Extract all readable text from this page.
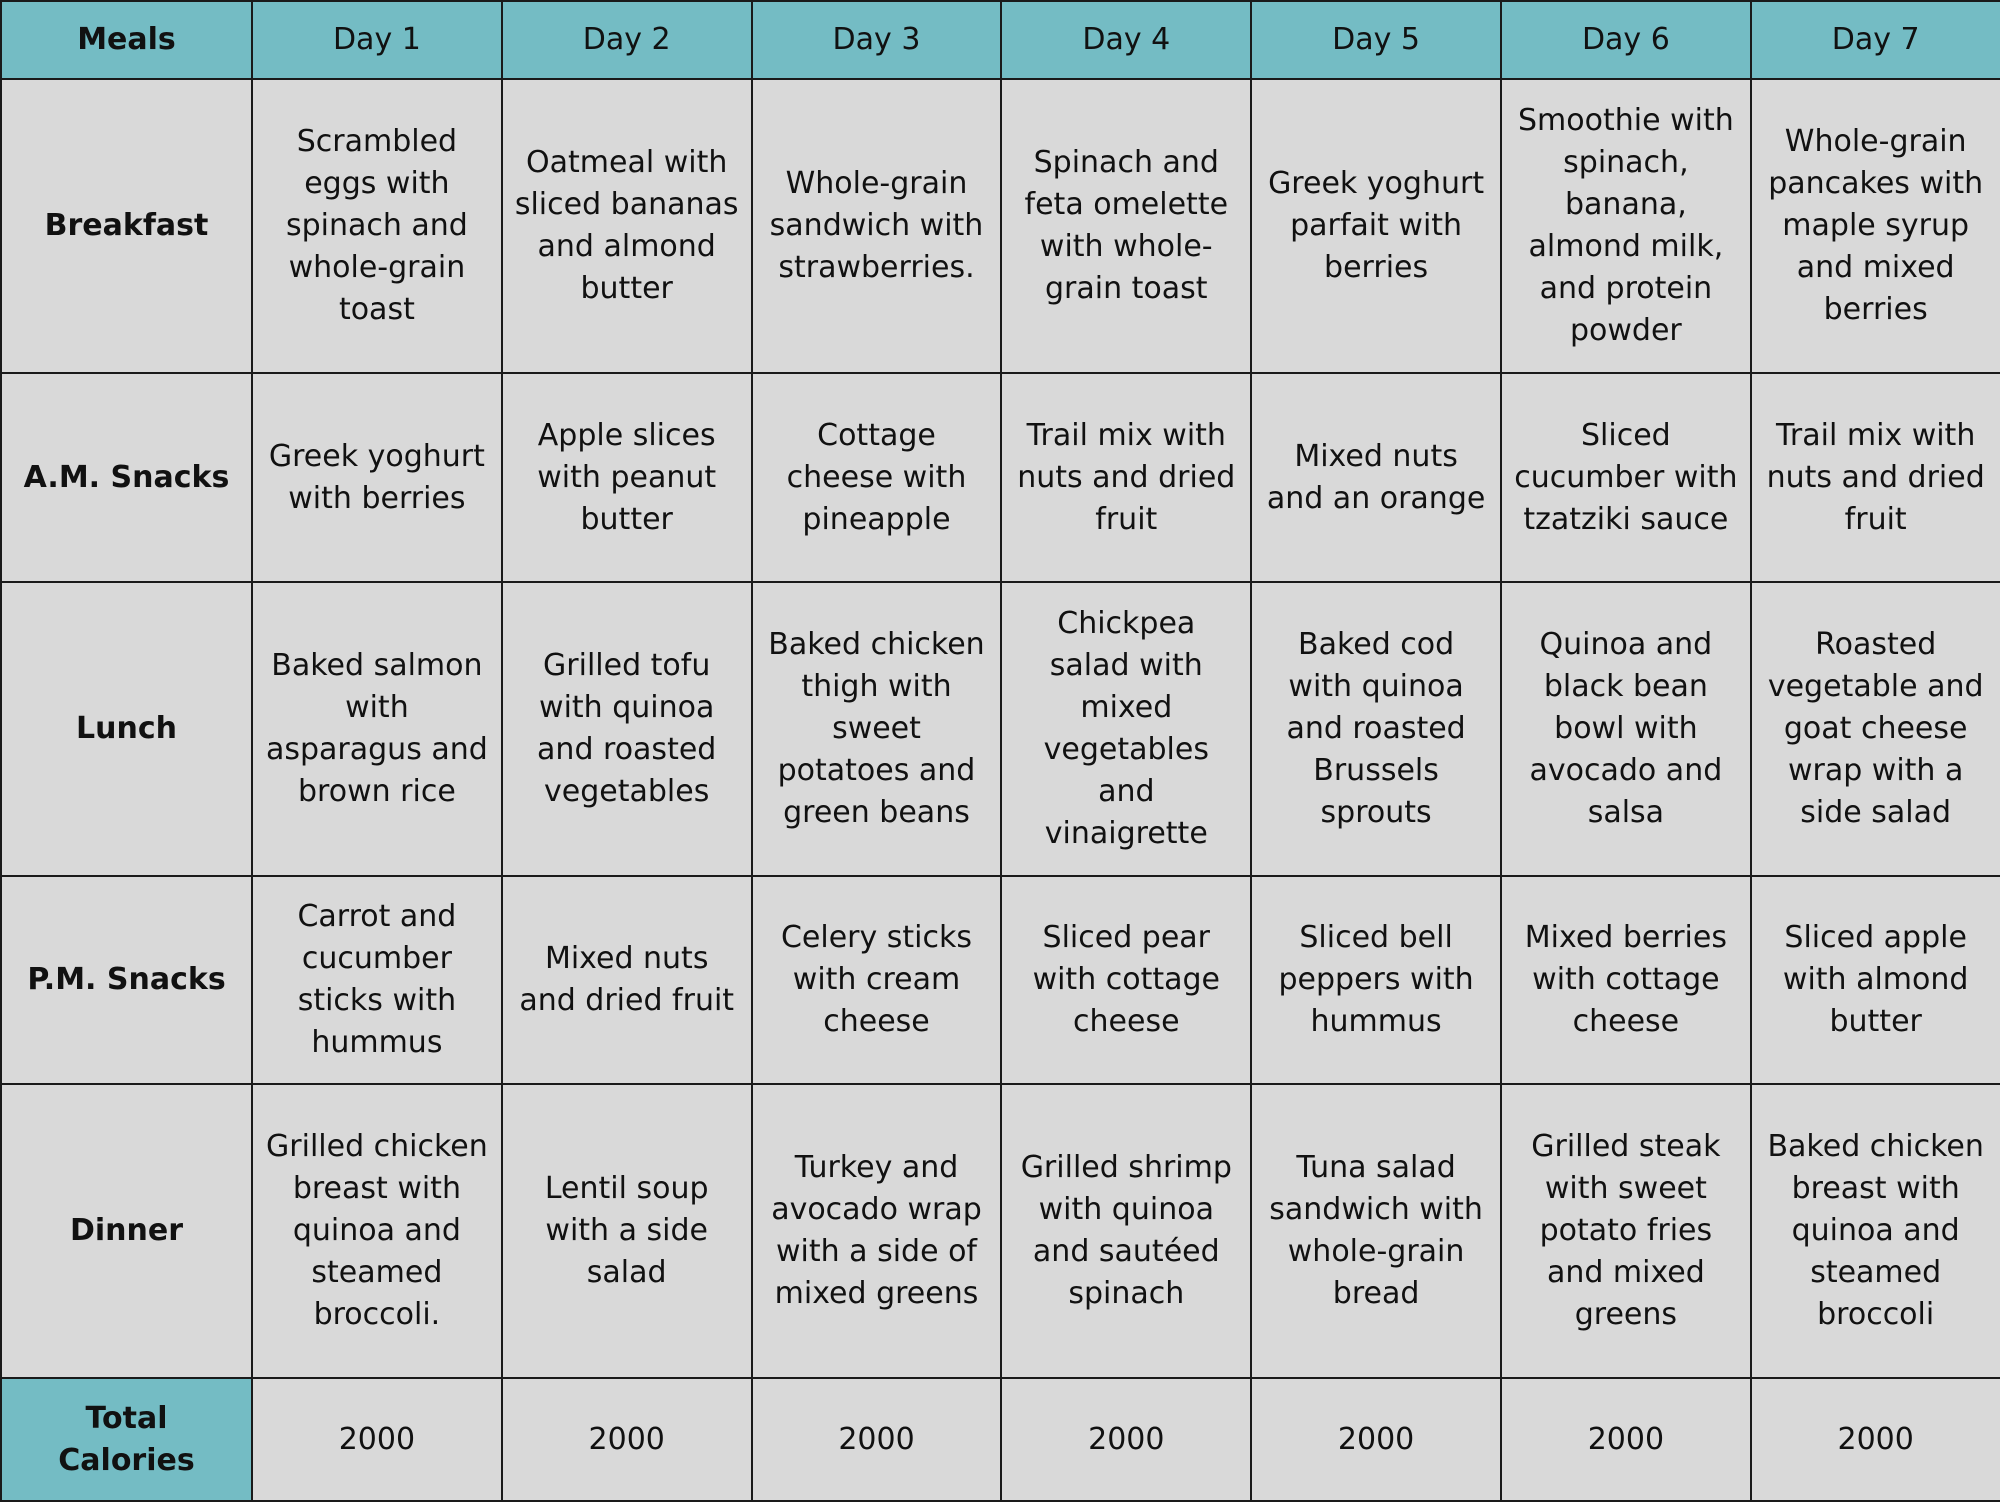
Meals	Day 1	Day 2	Day 3	Day 4	Day 5	Day 6	Day 7
Breakfast	Scrambled eggs with spinach and whole-grain toast	Oatmeal with sliced bananas and almond butter	Whole-grain sandwich with strawberries.	Spinach and feta omelette with whole-grain toast	Greek yoghurt parfait with berries	Smoothie with spinach, banana, almond milk, and protein powder	Whole-grain pancakes with maple syrup and mixed berries
A.M. Snacks	Greek yoghurt with berries	Apple slices with peanut butter	Cottage cheese with pineapple	Trail mix with nuts and dried fruit	Mixed nuts and an orange	Sliced cucumber with tzatziki sauce	Trail mix with nuts and dried fruit
Lunch	Baked salmon with asparagus and brown rice	Grilled tofu with quinoa and roasted vegetables	Baked chicken thigh with sweet potatoes and green beans	Chickpea salad with mixed vegetables and vinaigrette	Baked cod with quinoa and roasted Brussels sprouts	Quinoa and black bean bowl with avocado and salsa	Roasted vegetable and goat cheese wrap with a side salad
P.M. Snacks	Carrot and cucumber sticks with hummus	Mixed nuts and dried fruit	Celery sticks with cream cheese	Sliced pear with cottage cheese	Sliced bell peppers with hummus	Mixed berries with cottage cheese	Sliced apple with almond butter
Dinner	Grilled chicken breast with quinoa and steamed broccoli.	Lentil soup with a side salad	Turkey and avocado wrap with a side of mixed greens	Grilled shrimp with quinoa and sautéed spinach	Tuna salad sandwich with whole-grain bread	Grilled steak with sweet potato fries and mixed greens	Baked chicken breast with quinoa and steamed broccoli
Total Calories	2000	2000	2000	2000	2000	2000	2000
